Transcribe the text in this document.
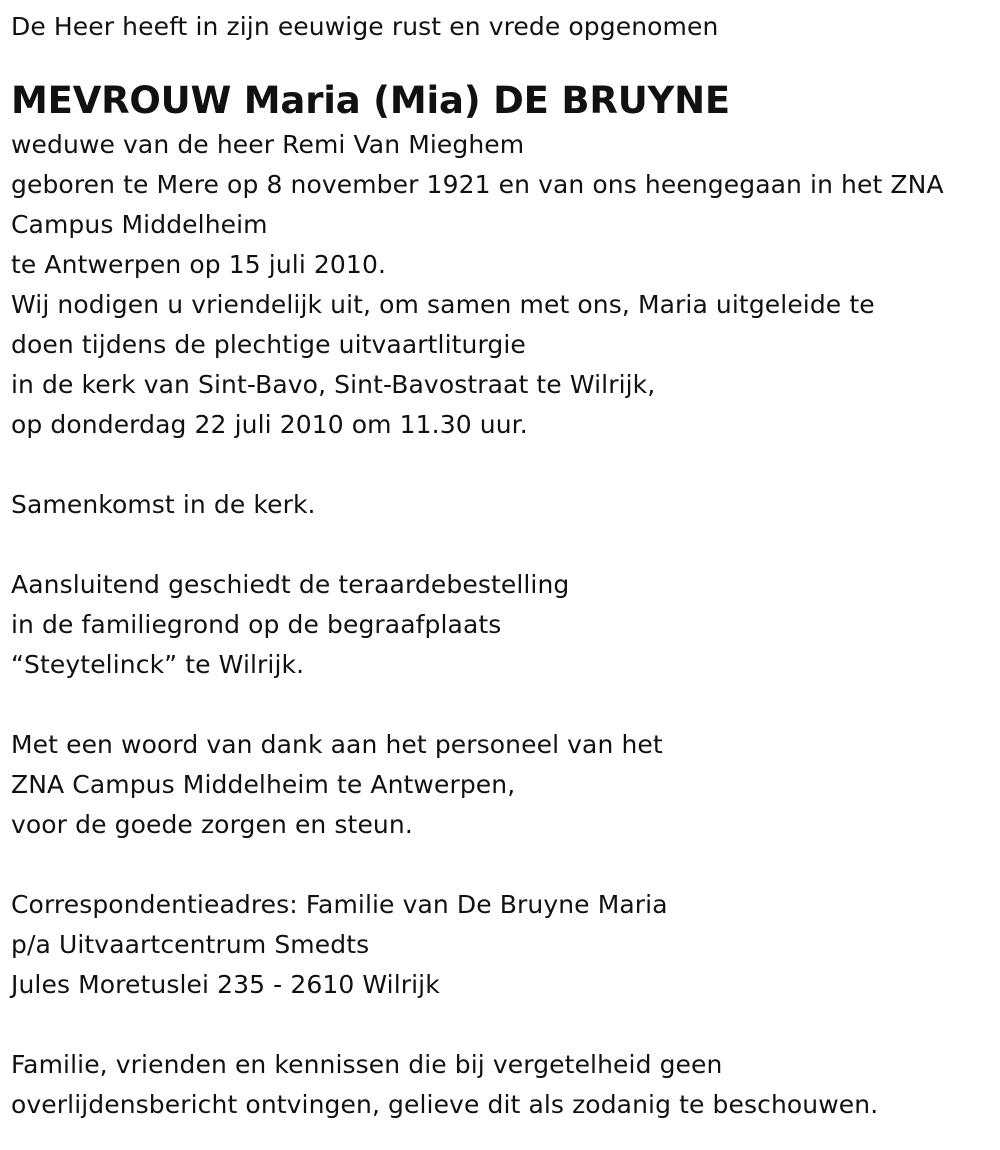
De Heer heeft in zijn eeuwige rust en vrede opgenomen
MEVROUW Maria (Mia) DE BRUYNE
weduwe van de heer Remi Van Mieghem
geboren te Mere op 8 november 1921 en van ons heengegaan in het ZNA
Campus Middelheim
te Antwerpen op 15 juli 2010.
Wij nodigen u vriendelijk uit, om samen met ons, Maria uitgeleide te
doen tijdens de plechtige uitvaartliturgie
in de kerk van Sint-Bavo, Sint-Bavostraat te Wilrijk,
op donderdag 22 juli 2010 om 11.30 uur.
Samenkomst in de kerk.
Aansluitend geschiedt de teraardebestelling
in de familiegrond op de begraafplaats
“Steytelinck” te Wilrijk.
Met een woord van dank aan het personeel van het
ZNA Campus Middelheim te Antwerpen,
voor de goede zorgen en steun.
Correspondentieadres: Familie van De Bruyne Maria
p/a Uitvaartcentrum Smedts
Jules Moretuslei 235 - 2610 Wilrijk
Familie, vrienden en kennissen die bij vergetelheid geen
overlijdensbericht ontvingen, gelieve dit als zodanig te beschouwen.
